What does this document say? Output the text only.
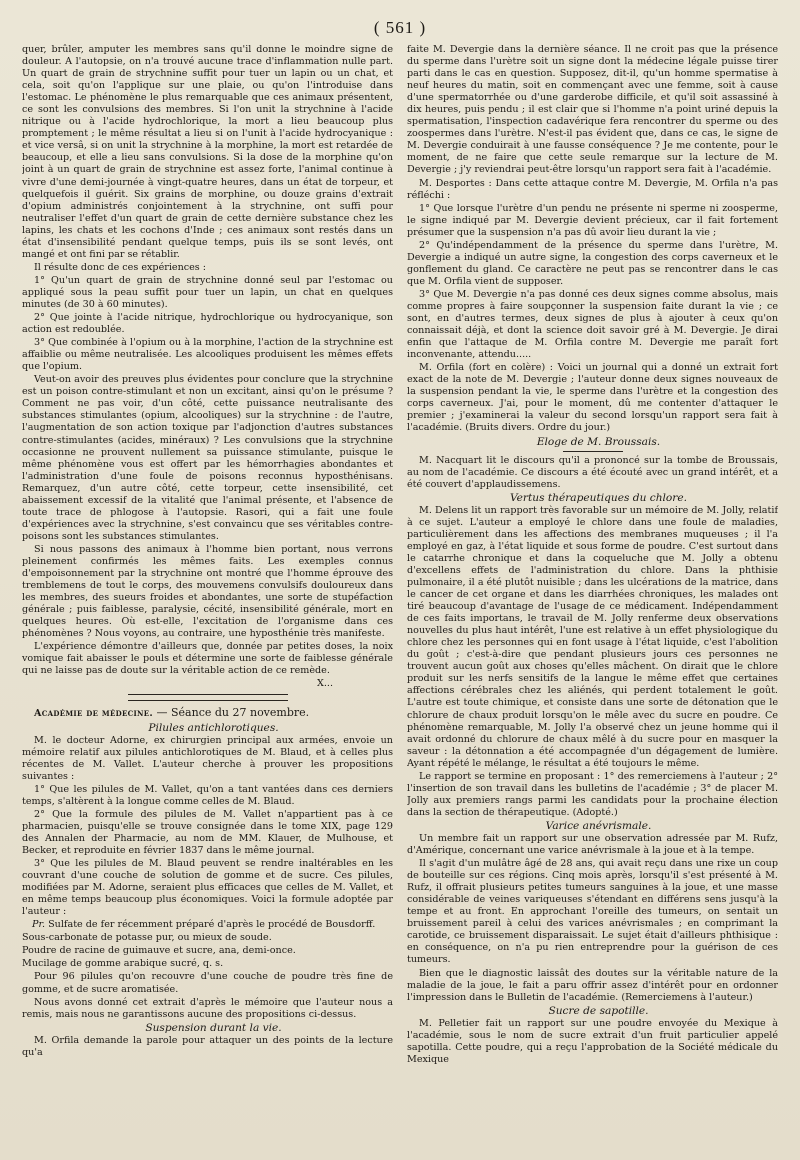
( 561 )

quer, brûler, amputer les membres sans qu'il donne le moindre signe de douleur. A l'autopsie, on n'a trouvé aucune trace d'inflammation nulle part. Un quart de grain de strychnine suffit pour tuer un lapin ou un chat, et cela, soit qu'on l'applique sur une plaie, ou qu'on l'introduise dans l'estomac. Le phénomène le plus remarquable que ces animaux présentent, ce sont les convulsions des membres. Si l'on unit la strychnine à l'acide nitrique ou à l'acide hydrochlorique, la mort a lieu beaucoup plus promptement ; le même résultat a lieu si on l'unit à l'acide hydrocyanique : et vice versâ, si on unit la strychnine à la morphine, la mort est retardée de beaucoup, et elle a lieu sans convulsions. Si la dose de la morphine qu'on joint à un quart de grain de strychnine est assez forte, l'animal continue à vivre d'une demi-journée à vingt-quatre heures, dans un état de torpeur, et quelquefois il guérit. Six grains de morphine, ou douze grains d'extrait d'opium administrés conjointement à la strychnine, ont suffi pour neutraliser l'effet d'un quart de grain de cette dernière substance chez les lapins, les chats et les cochons d'Inde ; ces animaux sont restés dans un état d'insensibilité pendant quelque temps, puis ils se sont levés, ont mangé et ont fini par se rétablir.

Il résulte donc de ces expériences :

1° Qu'un quart de grain de strychnine donné seul par l'estomac ou appliqué sous la peau suffit pour tuer un lapin, un chat en quelques minutes (de 30 à 60 minutes).

2° Que jointe à l'acide nitrique, hydrochlorique ou hydrocyanique, son action est redoublée.

3° Que combinée à l'opium ou à la morphine, l'action de la strychnine est affaiblie ou même neutralisée. Les alcooliques produisent les mêmes effets que l'opium.

Veut-on avoir des preuves plus évidentes pour conclure que la strychnine est un poison contre-stimulant et non un excitant, ainsi qu'on le présume ? Comment ne pas voir, d'un côté, cette puissance neutralisante des substances stimulantes (opium, alcooliques) sur la strychnine : de l'autre, l'augmentation de son action toxique par l'adjonction d'autres substances contre-stimulantes (acides, minéraux) ? Les convulsions que la strychnine occasionne ne prouvent nullement sa puissance stimulante, puisque le même phénomène vous est offert par les hémorrhagies abondantes et l'administration d'une foule de poisons reconnus hyposthénisans. Remarquez, d'un autre côté, cette torpeur, cette insensibilité, cet abaissement excessif de la vitalité que l'animal présente, et l'absence de toute trace de phlogose à l'autopsie. Rasori, qui a fait une foule d'expériences avec la strychnine, s'est convaincu que ses véritables contre-poisons sont les substances stimulantes.

Si nous passons des animaux à l'homme bien portant, nous verrons pleinement confirmés les mêmes faits. Les exemples connus d'empoisonnement par la strychnine ont montré que l'homme éprouve des tremblemens de tout le corps, des mouvemens convulsifs douloureux dans les membres, des sueurs froides et abondantes, une sorte de stupéfaction générale ; puis faiblesse, paralysie, cécité, insensibilité générale, mort en quelques heures. Où est-elle, l'excitation de l'organisme dans ces phénomènes ? Nous voyons, au contraire, une hyposthénie très manifeste.

L'expérience démontre d'ailleurs que, donnée par petites doses, la noix vomique fait abaisser le pouls et détermine une sorte de faiblesse générale qui ne laisse pas de doute sur la véritable action de ce remède.

X...

Académie de médecine. — Séance du 27 novembre.

Pilules antichlorotiques.

M. le docteur Adorne, ex chirurgien principal aux armées, envoie un mémoire relatif aux pilules antichlorotiques de M. Blaud, et à celles plus récentes de M. Vallet. L'auteur cherche à prouver les propositions suivantes :

1° Que les pilules de M. Vallet, qu'on a tant vantées dans ces derniers temps, s'altèrent à la longue comme celles de M. Blaud.

2° Que la formule des pilules de M. Vallet n'appartient pas à ce pharmacien, puisqu'elle se trouve consignée dans le tome XIX, page 129 des Annalen der Pharmacie, au nom de MM. Klauer, de Mulhouse, et Becker, et reproduite en février 1837 dans le même journal.

3° Que les pilules de M. Blaud peuvent se rendre inaltérables en les couvrant d'une couche de solution de gomme et de sucre. Ces pilules, modifiées par M. Adorne, seraient plus efficaces que celles de M. Vallet, et en même temps beaucoup plus économiques. Voici la formule adoptée par l'auteur :

Pr. Sulfate de fer récemment préparé d'après le procédé de Bousdorff.

Sous-carbonate de potasse pur, ou mieux de soude.

Poudre de racine de guimauve et sucre, ana, demi-once.

Mucilage de gomme arabique sucré, q. s.

Pour 96 pilules qu'on recouvre d'une couche de poudre très fine de gomme, et de sucre aromatisée.

Nous avons donné cet extrait d'après le mémoire que l'auteur nous a remis, mais nous ne garantissons aucune des propositions ci-dessus.

Suspension durant la vie.

M. Orfila demande la parole pour attaquer un des points de la lecture qu'a

faite M. Devergie dans la dernière séance. Il ne croit pas que la présence du sperme dans l'urètre soit un signe dont la médecine légale puisse tirer parti dans le cas en question. Supposez, dit-il, qu'un homme spermatise à neuf heures du matin, soit en commençant avec une femme, soit à cause d'une spermatorrhée ou d'une garderobe difficile, et qu'il soit assassiné à dix heures, puis pendu ; il est clair que si l'homme n'a point uriné depuis la spermatisation, l'inspection cadavérique fera rencontrer du sperme ou des zoospermes dans l'urètre. N'est-il pas évident que, dans ce cas, le signe de M. Devergie conduirait à une fausse conséquence ? Je me contente, pour le moment, de ne faire que cette seule remarque sur la lecture de M. Devergie ; j'y reviendrai peut-être lorsqu'un rapport sera fait à l'académie.

M. Desportes : Dans cette attaque contre M. Devergie, M. Orfila n'a pas réfléchi :

1° Que lorsque l'urètre d'un pendu ne présente ni sperme ni zoosperme, le signe indiqué par M. Devergie devient précieux, car il fait fortement présumer que la suspension n'a pas dû avoir lieu durant la vie ;

2° Qu'indépendamment de la présence du sperme dans l'urètre, M. Devergie a indiqué un autre signe, la congestion des corps caverneux et le gonflement du gland. Ce caractère ne peut pas se rencontrer dans le cas que M. Orfila vient de supposer.

3° Que M. Devergie n'a pas donné ces deux signes comme absolus, mais comme propres à faire soupçonner la suspension faite durant la vie ; ce sont, en d'autres termes, deux signes de plus à ajouter à ceux qu'on connaissait déjà, et dont la science doit savoir gré à M. Devergie. Je dirai enfin que l'attaque de M. Orfila contre M. Devergie me paraît fort inconvenante, attendu.....

M. Orfila (fort en colère) : Voici un journal qui a donné un extrait fort exact de la note de M. Devergie ; l'auteur donne deux signes nouveaux de la suspension pendant la vie, le sperme dans l'urètre et la congestion des corps caverneux. J'ai, pour le moment, dû me contenter d'attaquer le premier ; j'examinerai la valeur du second lorsqu'un rapport sera fait à l'académie. (Bruits divers. Ordre du jour.)

Eloge de M. Broussais.

M. Nacquart lit le discours qu'il a prononcé sur la tombe de Broussais, au nom de l'académie. Ce discours a été écouté avec un grand intérêt, et a été couvert d'applaudissemens.

Vertus thérapeutiques du chlore.

M. Delens lit un rapport très favorable sur un mémoire de M. Jolly, relatif à ce sujet. L'auteur a employé le chlore dans une foule de maladies, particulièrement dans les affections des membranes muqueuses ; il l'a employé en gaz, à l'état liquide et sous forme de poudre. C'est surtout dans le catarrhe chronique et dans la coqueluche que M. Jolly a obtenu d'excellens effets de l'administration du chlore. Dans la phthisie pulmonaire, il a été plutôt nuisible ; dans les ulcérations de la matrice, dans le cancer de cet organe et dans les diarrhées chroniques, les malades ont tiré beaucoup d'avantage de l'usage de ce médicament. Indépendamment de ces faits importans, le travail de M. Jolly renferme deux observations nouvelles du plus haut intérêt, l'une est relative à un effet physiologique du chlore chez les personnes qui en font usage à l'état liquide, c'est l'abolition du goût ; c'est-à-dire que pendant plusieurs jours ces personnes ne trouvent aucun goût aux choses qu'elles mâchent. On dirait que le chlore produit sur les nerfs sensitifs de la langue le même effet que certaines affections cérébrales chez les aliénés, qui perdent totalement le goût. L'autre est toute chimique, et consiste dans une sorte de détonation que le chlorure de chaux produit lorsqu'on le mêle avec du sucre en poudre. Ce phénomène remarquable, M. Jolly l'a observé chez un jeune homme qui il avait ordonné du chlorure de chaux mêlé à du sucre pour en masquer la saveur : la détonnation a été accompagnée d'un dégagement de lumière. Ayant répété le mélange, le résultat a été toujours le même.

Le rapport se termine en proposant : 1° des remerciemens à l'auteur ; 2° l'insertion de son travail dans les bulletins de l'académie ; 3° de placer M. Jolly aux premiers rangs parmi les candidats pour la prochaine élection dans la section de thérapeutique. (Adopté.)

Varice anévrismale.

Un membre fait un rapport sur une observation adressée par M. Rufz, d'Amérique, concernant une varice anévrismale à la joue et à la tempe.

Il s'agit d'un mulâtre âgé de 28 ans, qui avait reçu dans une rixe un coup de bouteille sur ces régions. Cinq mois après, lorsqu'il s'est présenté à M. Rufz, il offrait plusieurs petites tumeurs sanguines à la joue, et une masse considérable de veines variqueuses s'étendant en différens sens jusqu'à la tempe et au front. En approchant l'oreille des tumeurs, on sentait un bruissement pareil à celui des varices anévrismales ; en comprimant la carotide, ce bruissement disparaissait. Le sujet était d'ailleurs phthisique : en conséquence, on n'a pu rien entreprendre pour la guérison de ces tumeurs.

Bien que le diagnostic laissât des doutes sur la véritable nature de la maladie de la joue, le fait a paru offrir assez d'intérêt pour en ordonner l'impression dans le Bulletin de l'académie. (Remerciemens à l'auteur.)

Sucre de sapotille.

M. Pelletier fait un rapport sur une poudre envoyée du Mexique à l'académie, sous le nom de sucre extrait d'un fruit particulier appelé sapotilla. Cette poudre, qui a reçu l'approbation de la Société médicale du Mexique
